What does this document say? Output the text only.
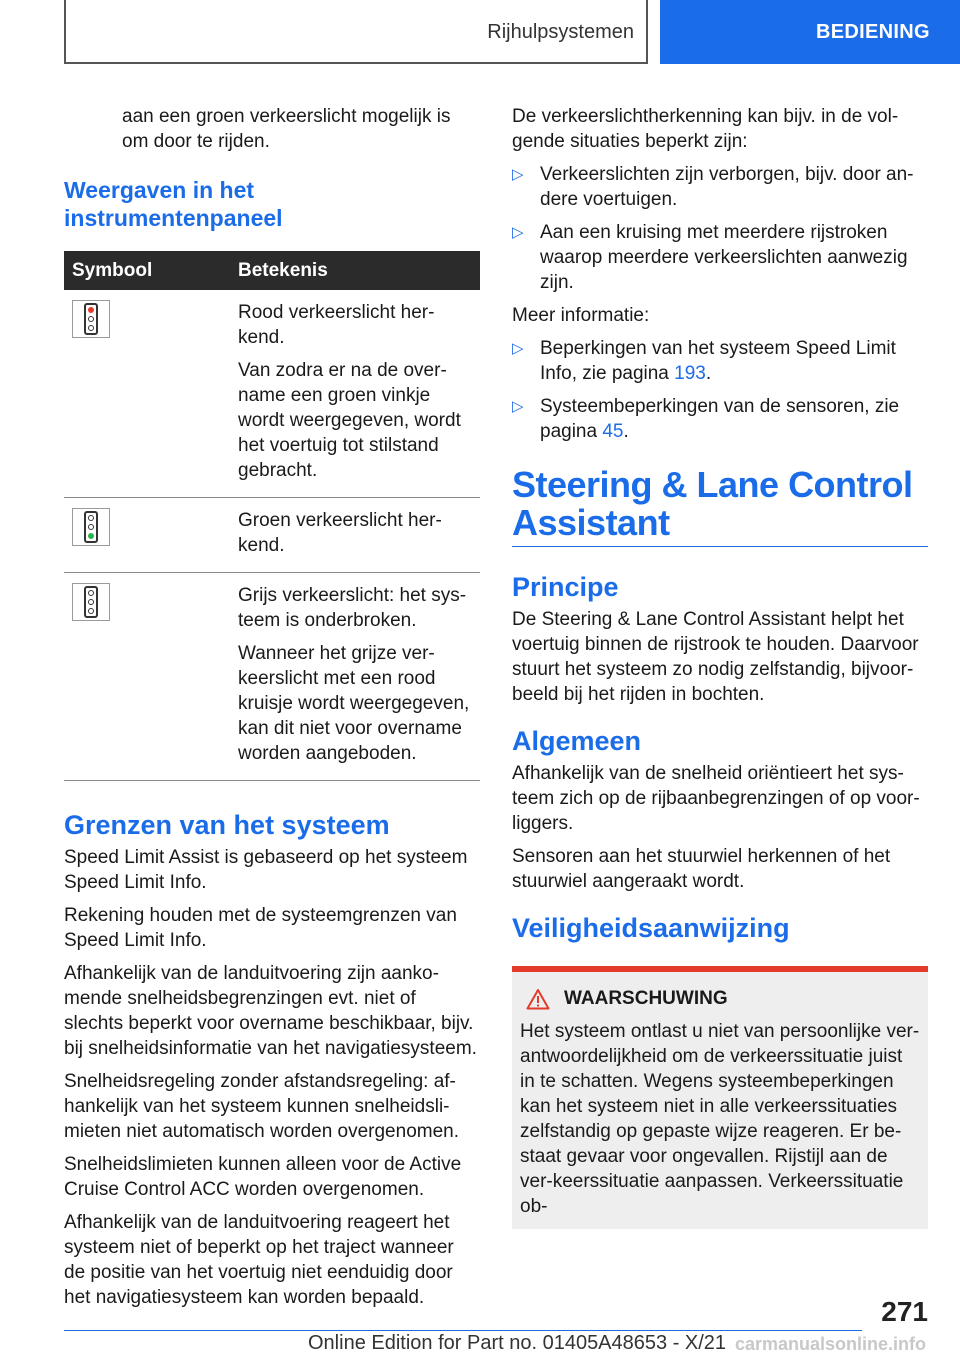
Rijhulpsystemen	BEDIENING

aan een groen verkeerslicht mogelijk is om door te rijden.

Weergaven in het
instrumentenpaneel
Symbool	Betekenis

	Rood verkeerslicht her-kend.

Van zodra er na de over-name een groen vinkje wordt weergegeven, wordt het voertuig tot stilstand gebracht.

	Groen verkeerslicht her-kend.

	Grijs verkeerslicht: het sys-teem is onderbroken.

Wanneer het grijze ver-keerslicht met een rood kruisje wordt weergegeven, kan dit niet voor overname worden aangeboden.

Grenzen van het systeem

Speed Limit Assist is gebaseerd op het systeem Speed Limit Info.

Rekening houden met de systeemgrenzen van Speed Limit Info.

Afhankelijk van de landuitvoering zijn aanko-mende snelheidsbegrenzingen evt. niet of slechts beperkt voor overname beschikbaar, bijv. bij snelheidsinformatie van het navigatiesysteem.

Snelheidsregeling zonder afstandsregeling: af-hankelijk van het systeem kunnen snelheidsli-mieten niet automatisch worden overgenomen.

Snelheidslimieten kunnen alleen voor de Active Cruise Control ACC worden overgenomen.

Afhankelijk van de landuitvoering reageert het systeem niet of beperkt op het traject wanneer de positie van het voertuig niet eenduidig door het navigatiesysteem kan worden bepaald.

De verkeerslichtherkenning kan bijv. in de vol-gende situaties beperkt zijn:

▷ Verkeerslichten zijn verborgen, bijv. door an-dere voertuigen.
▷ Aan een kruising met meerdere rijstroken waarop meerdere verkeerslichten aanwezig zijn.

Meer informatie:

▷ Beperkingen van het systeem Speed Limit Info, zie pagina 193.
▷ Systeembeperkingen van de sensoren, zie pagina 45.
Steering & Lane Control
Assistant
Principe

De Steering & Lane Control Assistant helpt het voertuig binnen de rijstrook te houden. Daarvoor stuurt het systeem zo nodig zelfstandig, bijvoor-beeld bij het rijden in bochten.

Algemeen

Afhankelijk van de snelheid oriëntieert het sys-teem zich op de rijbaanbegrenzingen of op voor-liggers.

Sensoren aan het stuurwiel herkennen of het stuurwiel aangeraakt wordt.

Veiligheidsaanwijzing
WAARSCHUWING
Het systeem ontlast u niet van persoonlijke ver-antwoordelijkheid om de verkeerssituatie juist in te schatten. Wegens systeembeperkingen kan het systeem niet in alle verkeerssituaties zelfstandig op gepaste wijze reageren. Er be-staat gevaar voor ongevallen. Rijstijl aan de ver-keerssituatie aanpassen. Verkeerssituatie ob-
271
Online Edition for Part no. 01405A48653 - X/21 carmanualsonline.info
